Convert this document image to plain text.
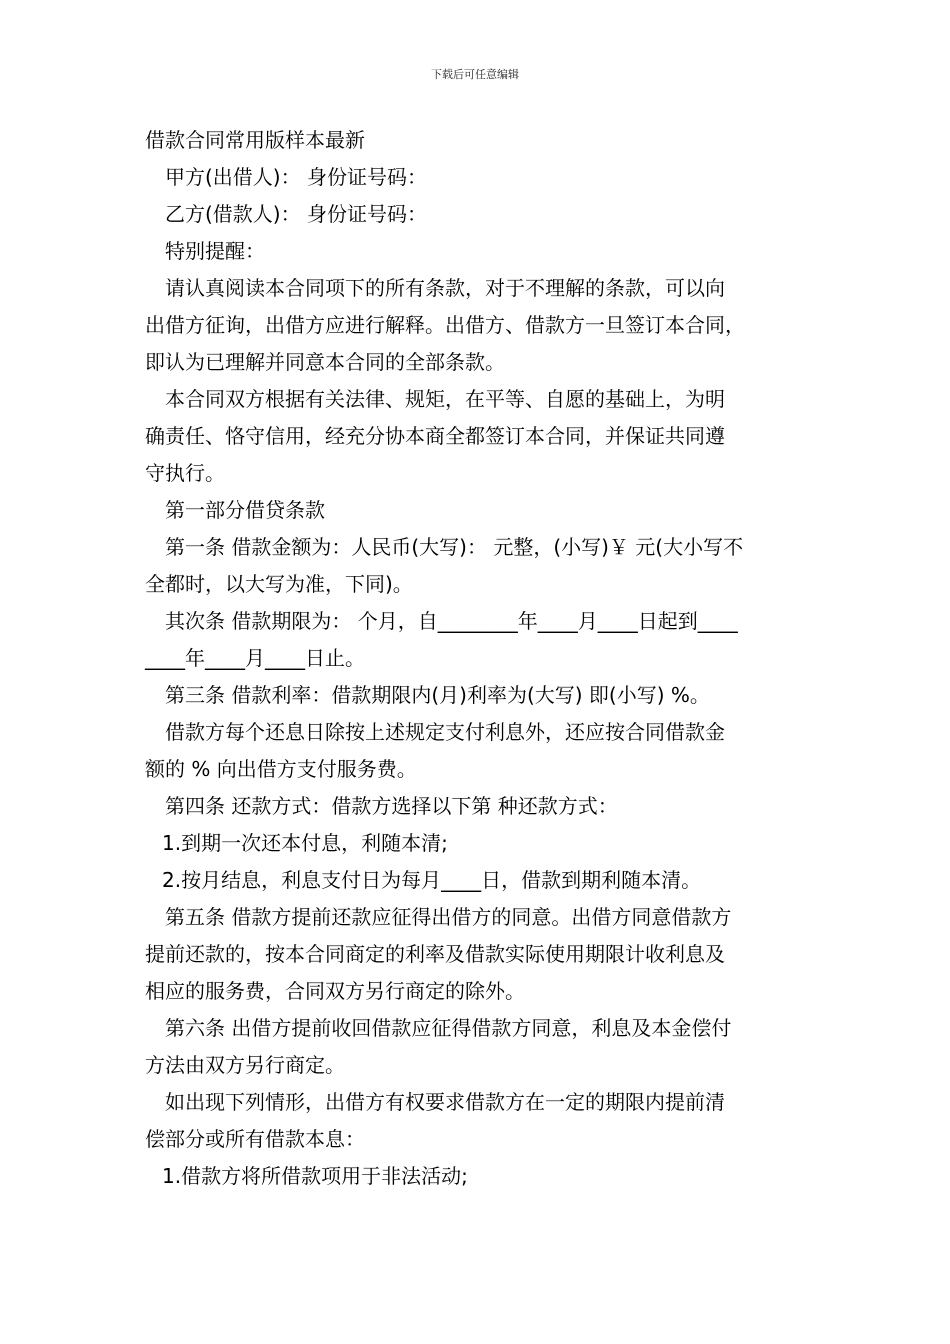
下载后可任意编辑

借款合同常用版样本最新

甲方(出借人)： 身份证号码：

乙方(借款人)： 身份证号码：

特别提醒：

请认真阅读本合同项下的所有条款，对于不理解的条款，可以向

出借方征询，出借方应进行解释。出借方、借款方一旦签订本合同，

即认为已理解并同意本合同的全部条款。

本合同双方根据有关法律、规矩，在平等、自愿的基础上，为明

确责任、恪守信用，经充分协本商全都签订本合同，并保证共同遵

守执行。

第一部分借贷条款

第一条 借款金额为：人民币(大写)： 元整，(小写)￥ 元(大小写不

全都时，以大写为准，下同)。

其次条 借款期限为： 个月，自________年____月____日起到____

____年____月____日止。

第三条 借款利率：借款期限内(月)利率为(大写) 即(小写) %。

借款方每个还息日除按上述规定支付利息外，还应按合同借款金

额的 % 向出借方支付服务费。

第四条 还款方式：借款方选择以下第 种还款方式：

1.到期一次还本付息，利随本清;

2.按月结息，利息支付日为每月____日，借款到期利随本清。

第五条 借款方提前还款应征得出借方的同意。出借方同意借款方

提前还款的，按本合同商定的利率及借款实际使用期限计收利息及

相应的服务费，合同双方另行商定的除外。

第六条 出借方提前收回借款应征得借款方同意，利息及本金偿付

方法由双方另行商定。

如出现下列情形，出借方有权要求借款方在一定的期限内提前清

偿部分或所有借款本息：

1.借款方将所借款项用于非法活动;
